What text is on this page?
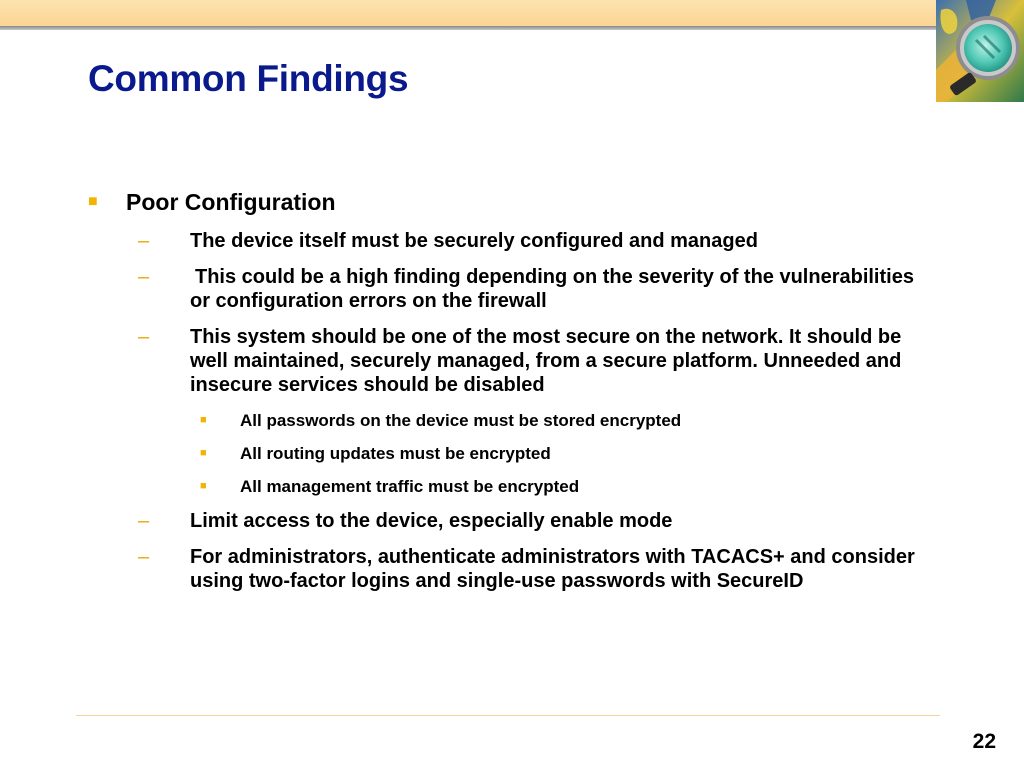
Common Findings
■ Poor Configuration
– The device itself must be securely configured and managed
– This could be a high finding depending on the severity of the vulnerabilities or configuration errors on the firewall
– This system should be one of the most secure on the network. It should be well maintained, securely managed, from a secure platform. Unneeded and insecure services should be disabled
■ All passwords on the device must be stored encrypted
■ All routing updates must be encrypted
■ All management traffic must be encrypted
– Limit access to the device, especially enable mode
– For administrators, authenticate administrators with TACACS+ and consider using two-factor logins and single-use passwords with SecureID
22
